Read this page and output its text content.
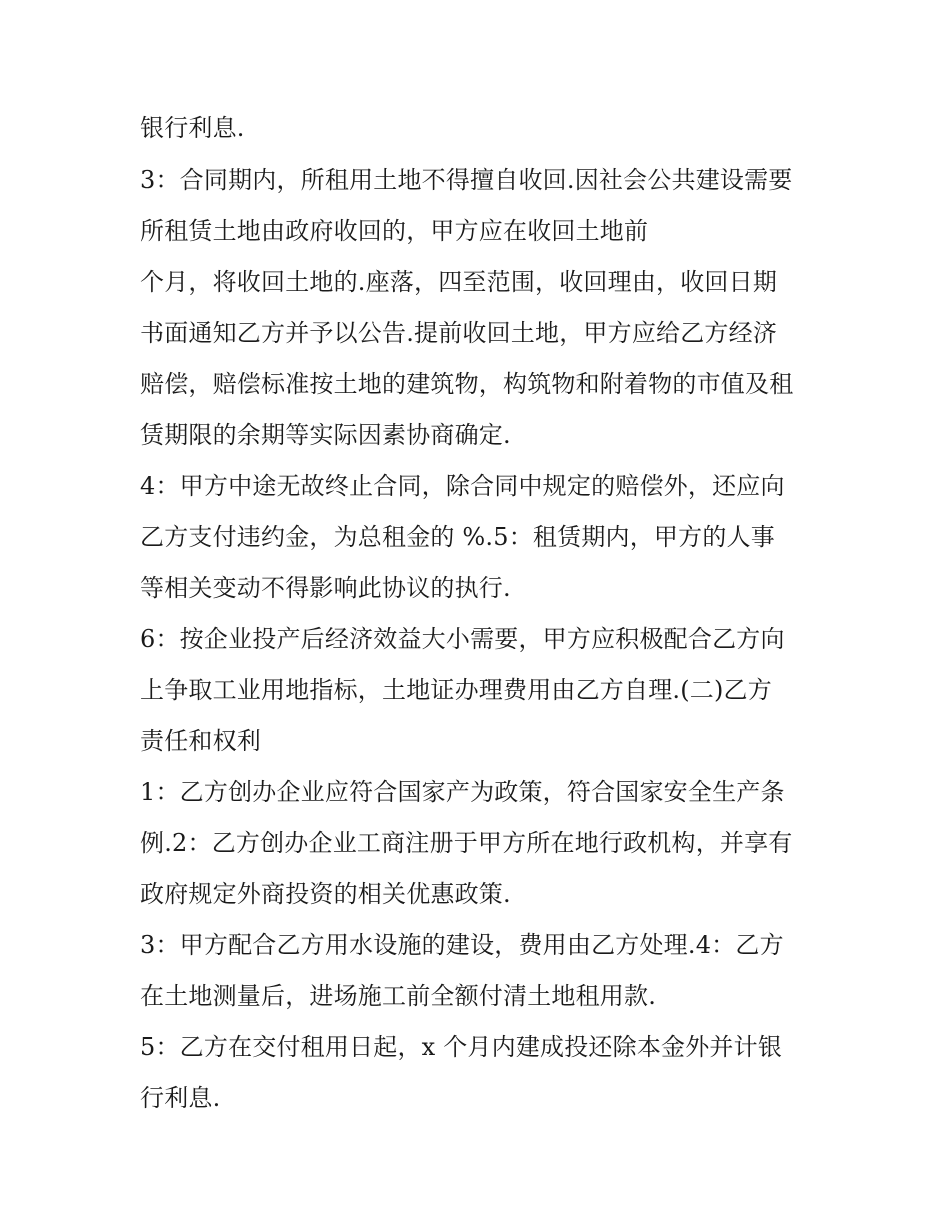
银行利息.
3：合同期内，所租用土地不得擅自收回.因社会公共建设需要
所租赁土地由政府收回的，甲方应在收回土地前
个月，将收回土地的.座落，四至范围，收回理由，收回日期
书面通知乙方并予以公告.提前收回土地，甲方应给乙方经济
赔偿，赔偿标准按土地的建筑物，构筑物和附着物的市值及租
赁期限的余期等实际因素协商确定.
4：甲方中途无故终止合同，除合同中规定的赔偿外，还应向
乙方支付违约金，为总租金的 %.5：租赁期内，甲方的人事
等相关变动不得影响此协议的执行.
6：按企业投产后经济效益大小需要，甲方应积极配合乙方向
上争取工业用地指标，土地证办理费用由乙方自理.(二)乙方
责任和权利
1：乙方创办企业应符合国家产为政策，符合国家安全生产条
例.2：乙方创办企业工商注册于甲方所在地行政机构，并享有
政府规定外商投资的相关优惠政策.
3：甲方配合乙方用水设施的建设，费用由乙方处理.4：乙方
在土地测量后，进场施工前全额付清土地租用款.
5：乙方在交付租用日起，x 个月内建成投还除本金外并计银
行利息.
